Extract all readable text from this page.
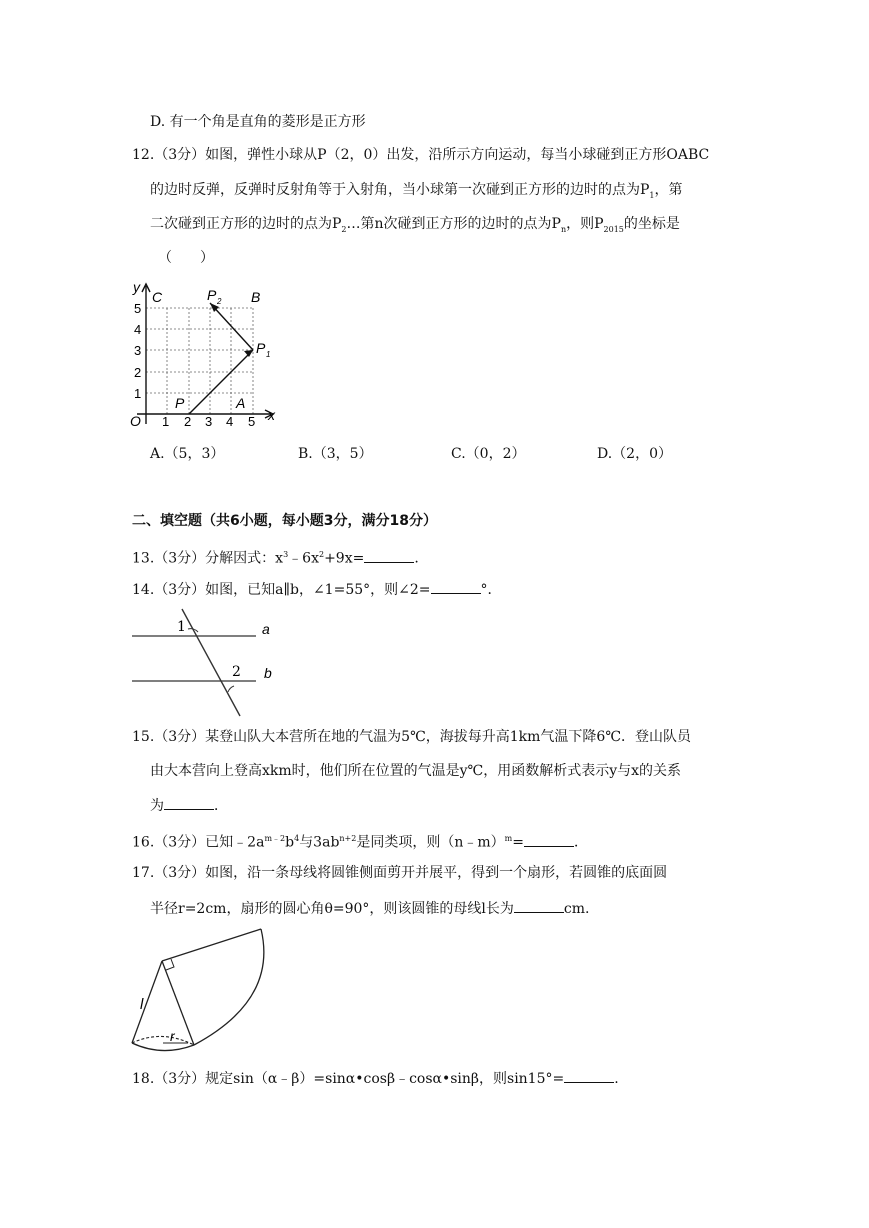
D. 有一个角是直角的菱形是正方形
12.（3分）如图，弹性小球从P（2，0）出发，沿所示方向运动，每当小球碰到正方形OABC
的边时反弹，反弹时反射角等于入射角，当小球第一次碰到正方形的边时的点为$P_1$，第
二次碰到正方形的边时的点为$P_2\dots$第n次碰到正方形的边时的点为$P_n$，则$P_{2015}$的坐标是
（　　）
y
x
O 1 2 3 4 5
1
2
3
4
5
C	B
A
P
P 1
P 2
A.（5，3）	B.（3，5）	C.（0，2）	D.（2，0）
二、填空题（共6小题，每小题3分，满分18分）
13.（3分）分解因式：$x^3﹣6x^2+9x=$	.
14.（3分）如图，已知a∥b，∠1=55°，则∠2=	°．
1
2
a
b
15.（3分）某登山队大本营所在地的气温为5℃，海拔每升高1km气温下降6℃．登山队员
由大本营向上登高xkm时，他们所在位置的气温是y℃，用函数解析式表示y与x的关系
为	．
16.（3分）已知$﹣2a^{m﹣2}b^4$与$3ab^{n+2}$是同类项，则（n﹣m）$^m$=	．
17.（3分）如图，沿一条母线将圆锥侧面剪开并展平，得到一个扇形，若圆锥的底面圆
半径r=2cm，扇形的圆心角θ=90°，则该圆锥的母线l长为	cm.
l
r
18.（3分）规定sin（α﹣β）=sinα•cosβ﹣cosα•sinβ，则sin15°=	.
